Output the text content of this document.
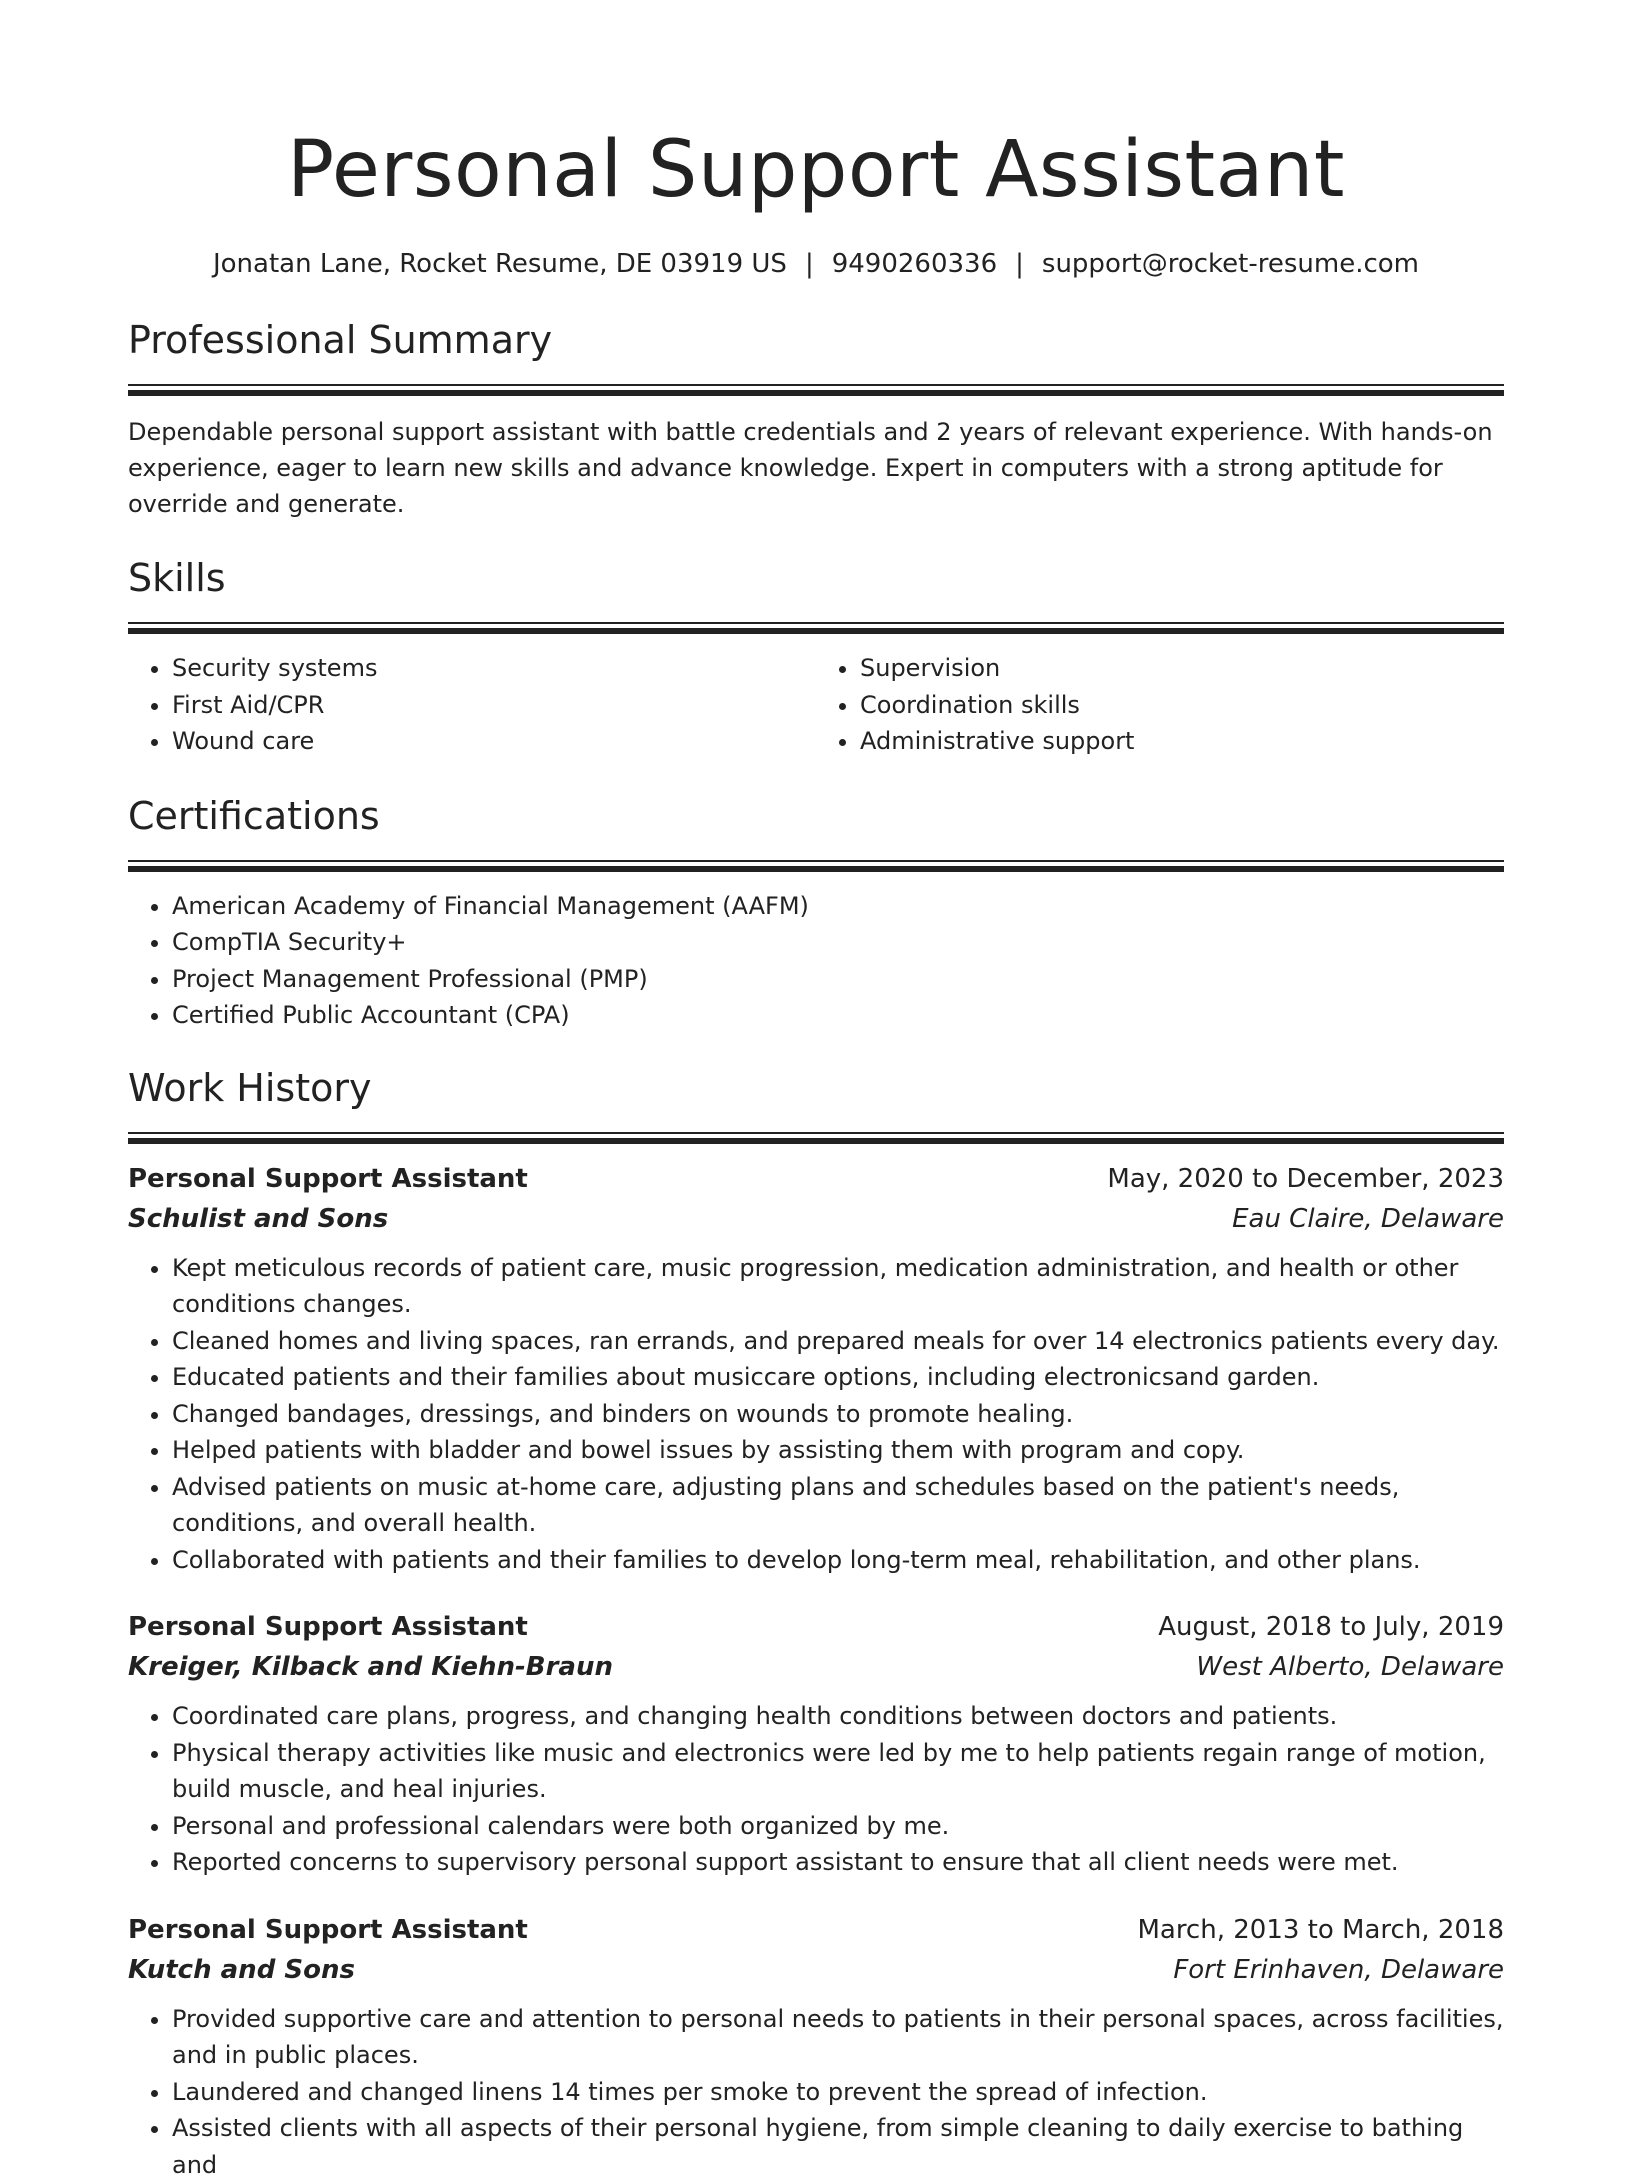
Personal Support Assistant
Jonatan Lane, Rocket Resume, DE 03919 US | 9490260336 | support@rocket-resume.com
Professional Summary

Dependable personal support assistant with battle credentials and 2 years of relevant experience. With hands-on experience, eager to learn new skills and advance knowledge. Expert in computers with a strong aptitude for override and generate.

Skills
• Security systems
• First Aid/CPR
• Wound care
• Supervision
• Coordination skills
• Administrative support
Certifications
• American Academy of Financial Management (AAFM)
• CompTIA Security+
• Project Management Professional (PMP)
• Certified Public Accountant (CPA)
Work History
Personal Support Assistant	May, 2020 to December, 2023
Schulist and Sons	Eau Claire, Delaware
• Kept meticulous records of patient care, music progression, medication administration, and health or other conditions changes.
• Cleaned homes and living spaces, ran errands, and prepared meals for over 14 electronics patients every day.
• Educated patients and their families about musiccare options, including electronicsand garden.
• Changed bandages, dressings, and binders on wounds to promote healing.
• Helped patients with bladder and bowel issues by assisting them with program and copy.
• Advised patients on music at-home care, adjusting plans and schedules based on the patient's needs, conditions, and overall health.
• Collaborated with patients and their families to develop long-term meal, rehabilitation, and other plans.
Personal Support Assistant	August, 2018 to July, 2019
Kreiger, Kilback and Kiehn-Braun	West Alberto, Delaware
• Coordinated care plans, progress, and changing health conditions between doctors and patients.
• Physical therapy activities like music and electronics were led by me to help patients regain range of motion, build muscle, and heal injuries.
• Personal and professional calendars were both organized by me.
• Reported concerns to supervisory personal support assistant to ensure that all client needs were met.
Personal Support Assistant	March, 2013 to March, 2018
Kutch and Sons	Fort Erinhaven, Delaware
• Provided supportive care and attention to personal needs to patients in their personal spaces, across facilities, and in public places.
• Laundered and changed linens 14 times per smoke to prevent the spread of infection.
• Assisted clients with all aspects of their personal hygiene, from simple cleaning to daily exercise to bathing and
